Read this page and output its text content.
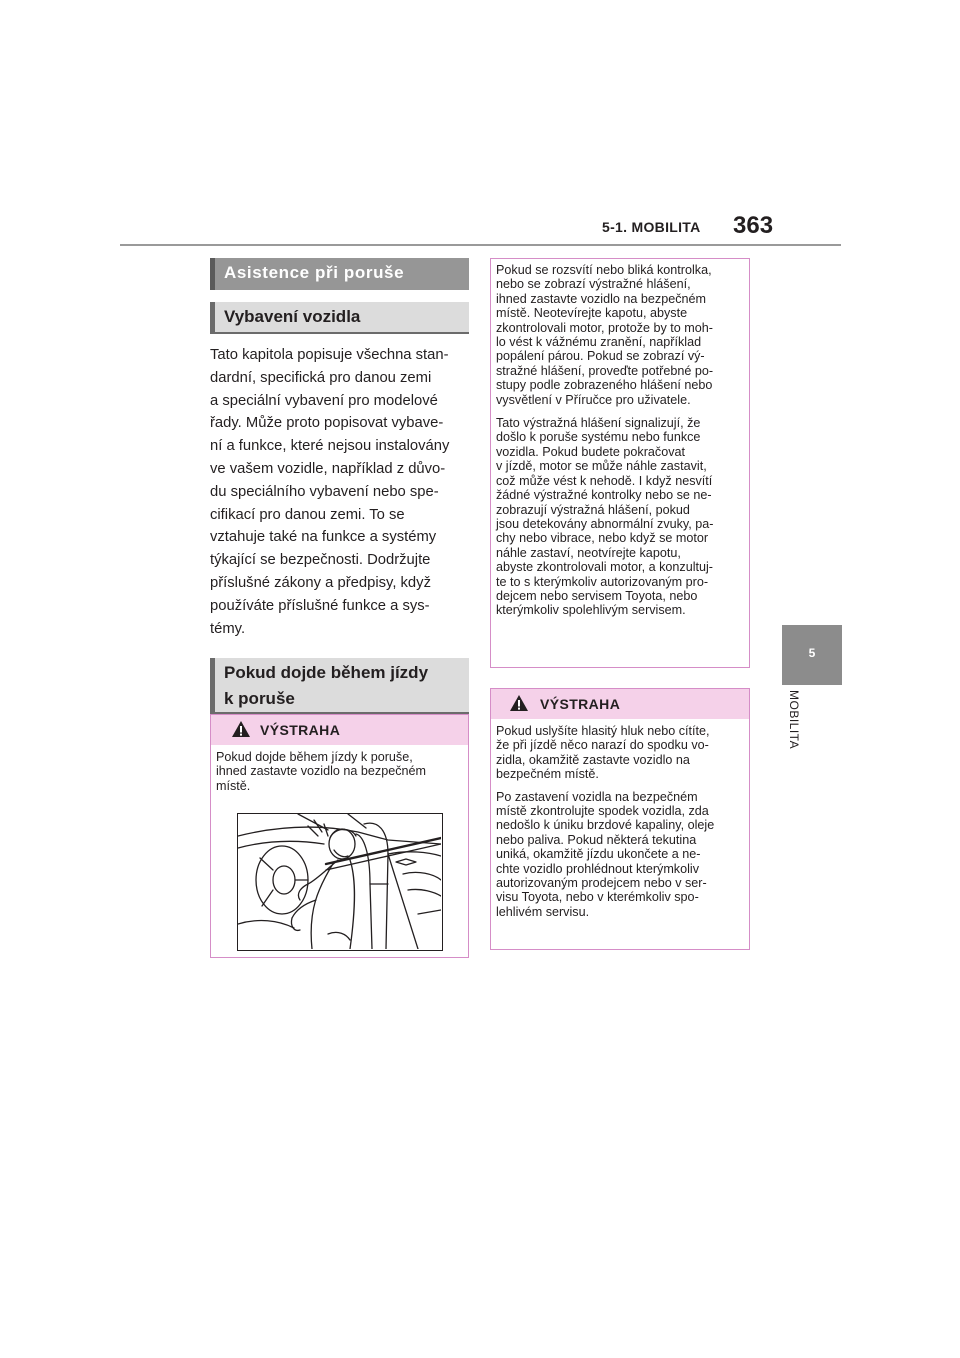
5-1. MOBILITA 363
5
MOBILITA
Asistence při poruše
Vybavení vozidla

Tato kapitola popisuje všechna stan-

dardní, specifická pro danou zemi

a speciální vybavení pro modelové

řady. Může proto popisovat vybave-

ní a funkce, které nejsou instalovány

ve vašem vozidle, například z důvo-

du speciálního vybavení nebo spe-

cifikací pro danou zemi. To se

vztahuje také na funkce a systémy

týkající se bezpečnosti. Dodržujte

příslušné zákony a předpisy, když

používáte příslušné funkce a sys-

témy.

Pokud dojde během jízdy
k poruše
VÝSTRAHA
Pokud dojde během jízdy k poruše,
ihned zastavte vozidlo na bezpečném
místě.

Pokud se rozsvítí nebo bliká kontrolka,
nebo se zobrazí výstražné hlášení,
ihned zastavte vozidlo na bezpečném
místě. Neotevírejte kapotu, abyste
zkontrolovali motor, protože by to moh-
lo vést k vážnému zranění, například
popálení párou. Pokud se zobrazí vý-
stražné hlášení, proveďte potřebné po-
stupy podle zobrazeného hlášení nebo
vysvětlení v Příručce pro uživatele.

Tato výstražná hlášení signalizují, že
došlo k poruše systému nebo funkce
vozidla. Pokud budete pokračovat
v jízdě, motor se může náhle zastavit,
což může vést k nehodě. I když nesvítí
žádné výstražné kontrolky nebo se ne-
zobrazují výstražná hlášení, pokud
jsou detekovány abnormální zvuky, pa-
chy nebo vibrace, nebo když se motor
náhle zastaví, neotvírejte kapotu,
abyste zkontrolovali motor, a konzultuj-
te to s kterýmkoliv autorizovaným pro-
dejcem nebo servisem Toyota, nebo
kterýmkoliv spolehlivým servisem.

VÝSTRAHA

Pokud uslyšíte hlasitý hluk nebo cítíte,
že při jízdě něco narazí do spodku vo-
zidla, okamžitě zastavte vozidlo na
bezpečném místě.

Po zastavení vozidla na bezpečném
místě zkontrolujte spodek vozidla, zda
nedošlo k úniku brzdové kapaliny, oleje
nebo paliva. Pokud některá tekutina
uniká, okamžitě jízdu ukončete a ne-
chte vozidlo prohlédnout kterýmkoliv
autorizovaným prodejcem nebo v ser-
visu Toyota, nebo v kterémkoliv spo-
lehlivém servisu.
